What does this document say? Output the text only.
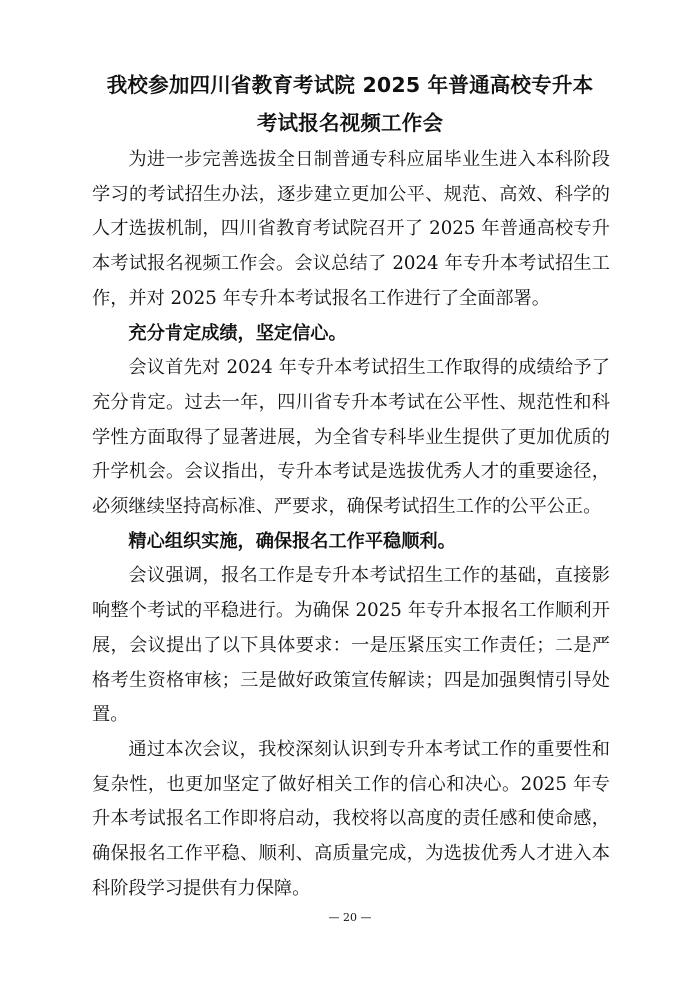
我校参加四川省教育考试院 2025 年普通高校专升本
考试报名视频工作会

为进一步完善选拔全日制普通专科应届毕业生进入本科阶段学习的考试招生办法，逐步建立更加公平、规范、高效、科学的人才选拔机制，四川省教育考试院召开了 2025 年普通高校专升本考试报名视频工作会。会议总结了 2024 年专升本考试招生工作，并对 2025 年专升本考试报名工作进行了全面部署。

充分肯定成绩，坚定信心。

会议首先对 2024 年专升本考试招生工作取得的成绩给予了充分肯定。过去一年，四川省专升本考试在公平性、规范性和科学性方面取得了显著进展，为全省专科毕业生提供了更加优质的升学机会。会议指出，专升本考试是选拔优秀人才的重要途径，必须继续坚持高标准、严要求，确保考试招生工作的公平公正。

精心组织实施，确保报名工作平稳顺利。

会议强调，报名工作是专升本考试招生工作的基础，直接影响整个考试的平稳进行。为确保 2025 年专升本报名工作顺利开展，会议提出了以下具体要求：一是压紧压实工作责任；二是严格考生资格审核；三是做好政策宣传解读；四是加强舆情引导处置。

通过本次会议，我校深刻认识到专升本考试工作的重要性和复杂性，也更加坚定了做好相关工作的信心和决心。2025 年专升本考试报名工作即将启动，我校将以高度的责任感和使命感，确保报名工作平稳、顺利、高质量完成，为选拔优秀人才进入本科阶段学习提供有力保障。

— 20 —
